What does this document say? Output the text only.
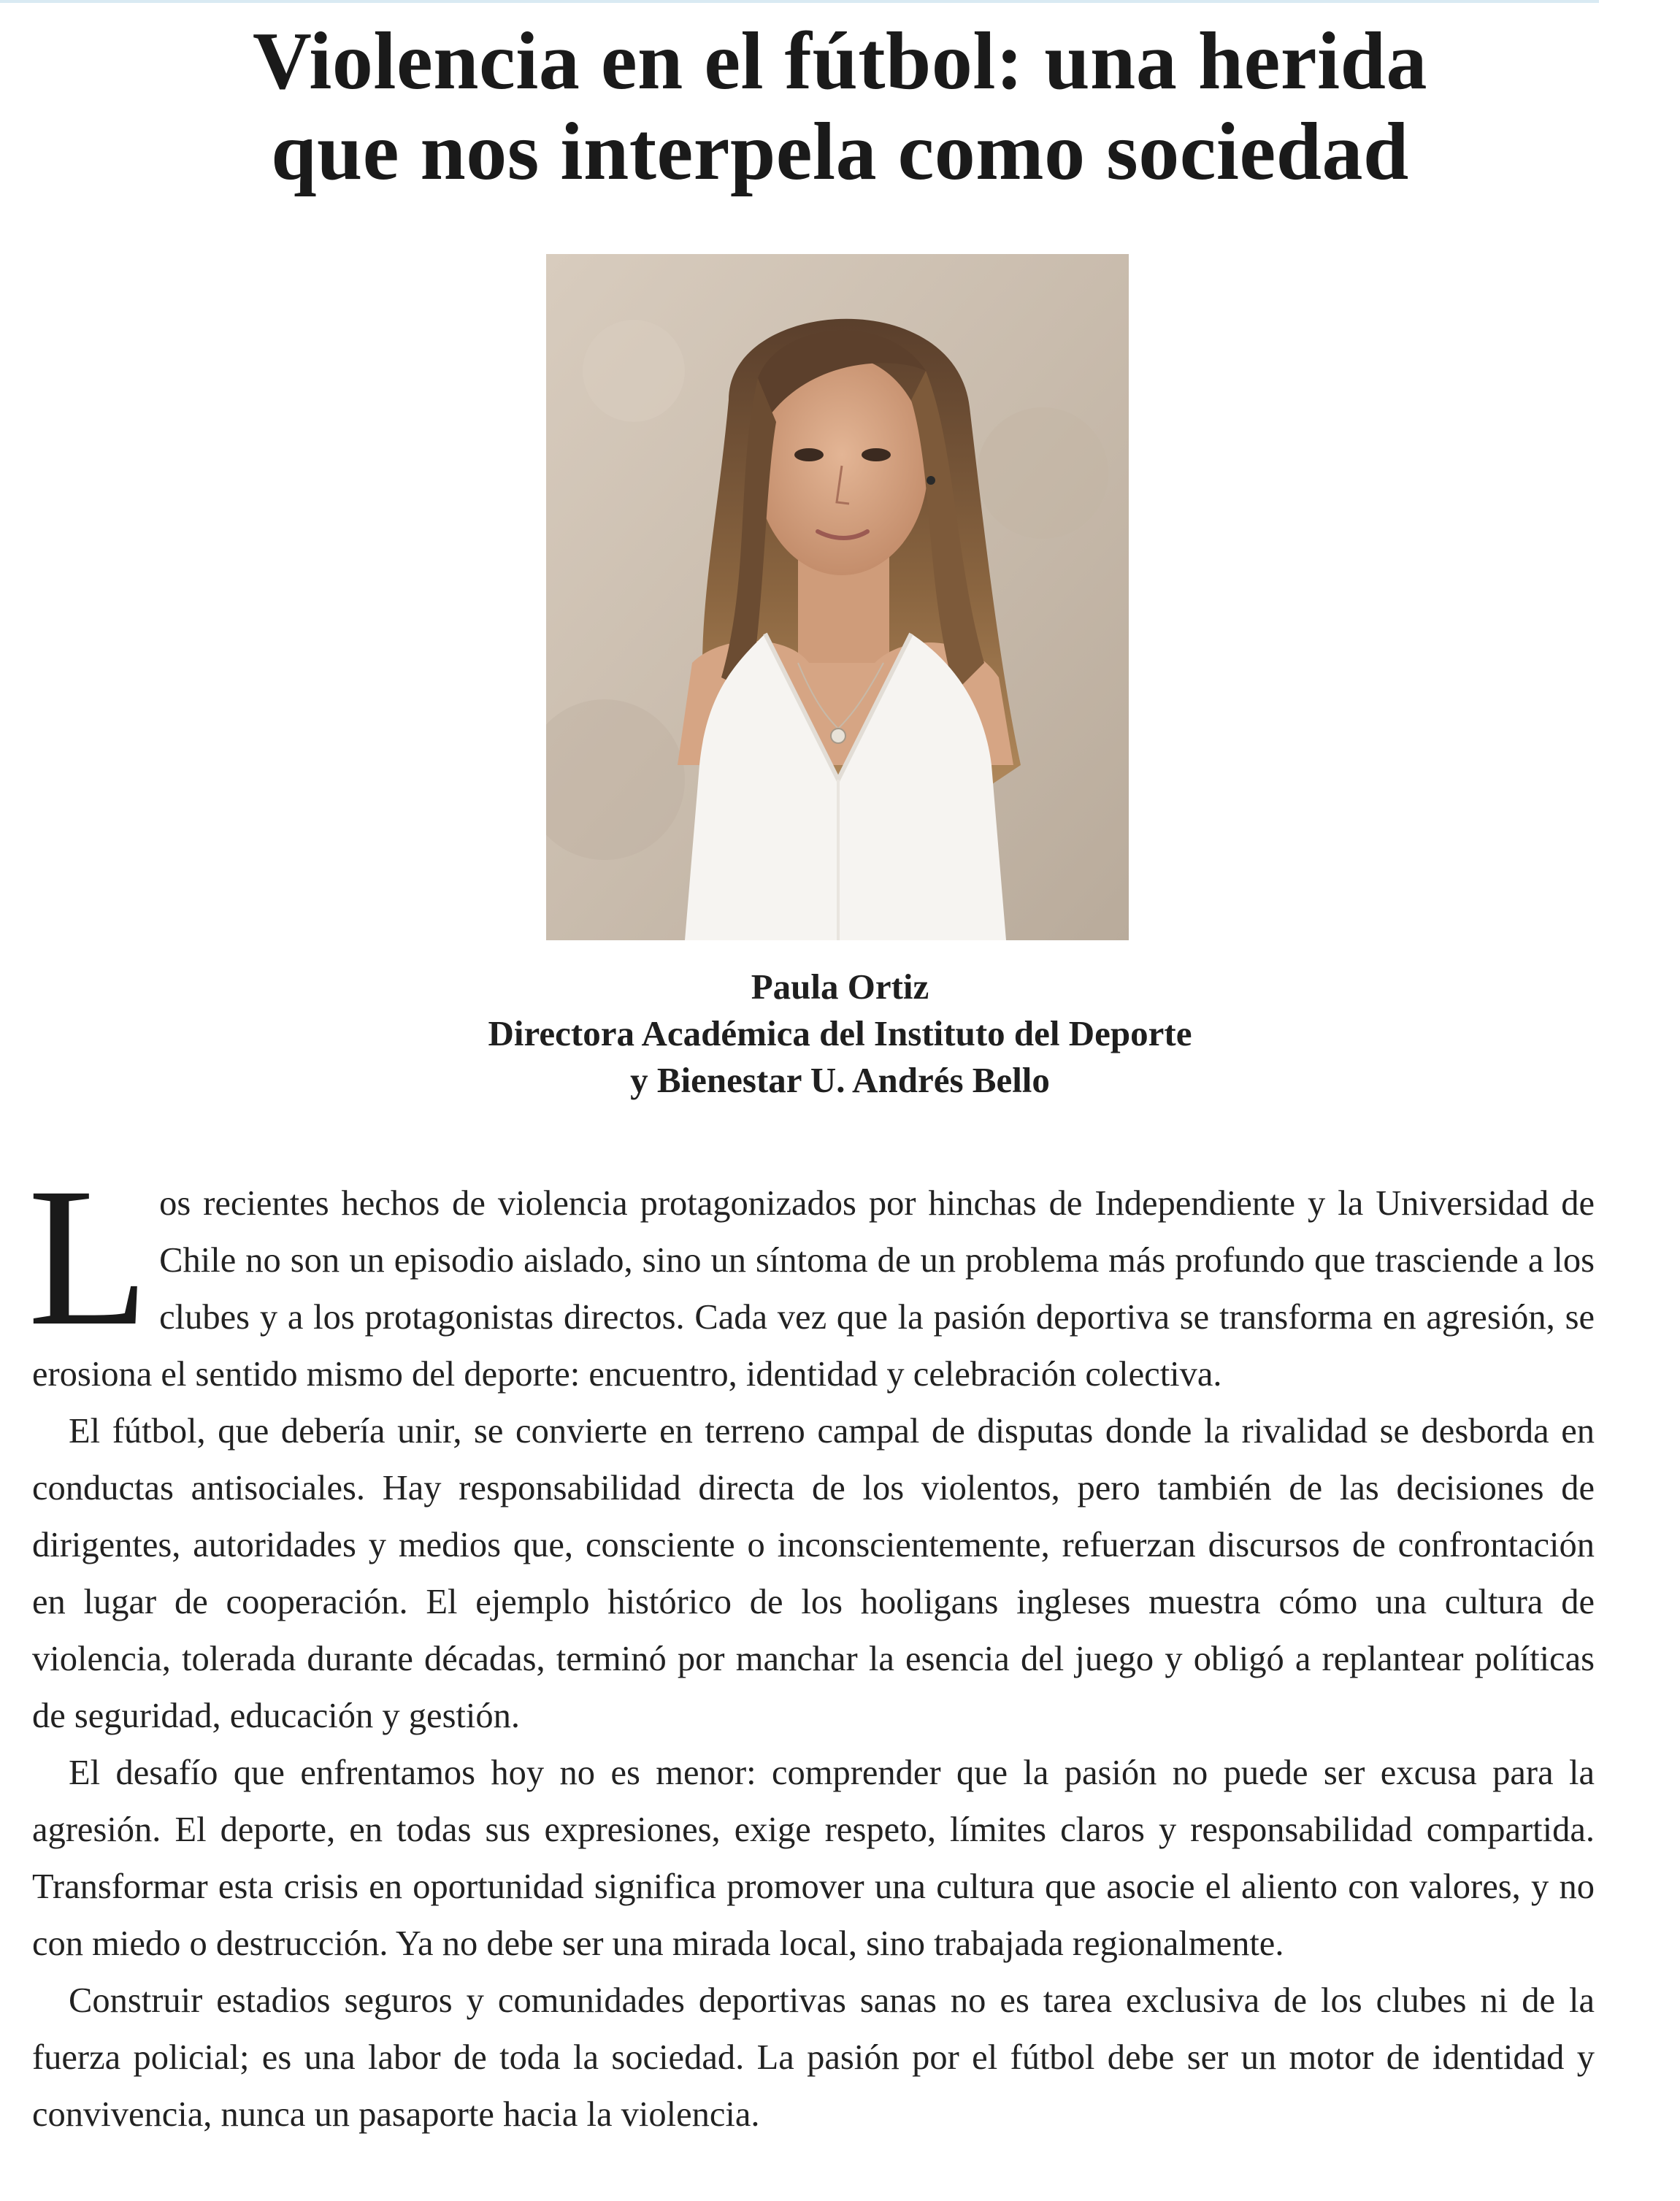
Violencia en el fútbol: una herida
que nos interpela como sociedad
Paula Ortiz
Directora Académica del Instituto del Deporte
y Bienestar U. Andrés Bello

Los recientes hechos de violencia protagonizados por hinchas de Independiente y la Universidad de Chile no son un episodio aislado, sino un síntoma de un problema más profundo que trasciende a los clubes y a los protagonistas directos. Cada vez que la pasión deportiva se transforma en agresión, se erosiona el sentido mismo del deporte: encuentro, identidad y celebración colectiva.

El fútbol, que debería unir, se convierte en terreno campal de disputas donde la rivalidad se desborda en conductas antisociales. Hay responsabilidad directa de los violentos, pero también de las decisiones de dirigentes, autoridades y medios que, consciente o inconscientemente, refuerzan discursos de confrontación en lugar de cooperación. El ejemplo histórico de los hooligans ingleses muestra cómo una cultura de violencia, tolerada durante décadas, terminó por manchar la esencia del juego y obligó a replantear políticas de seguridad, educación y gestión.

El desafío que enfrentamos hoy no es menor: comprender que la pasión no puede ser excusa para la agresión. El deporte, en todas sus expresiones, exige respeto, límites claros y responsabilidad compartida. Transformar esta crisis en oportunidad significa promover una cultura que asocie el aliento con valores, y no con miedo o destrucción. Ya no debe ser una mirada local, sino trabajada regionalmente.

Construir estadios seguros y comunidades deportivas sanas no es tarea exclusiva de los clubes ni de la fuerza policial; es una labor de toda la sociedad. La pasión por el fútbol debe ser un motor de identidad y convivencia, nunca un pasaporte hacia la violencia.
